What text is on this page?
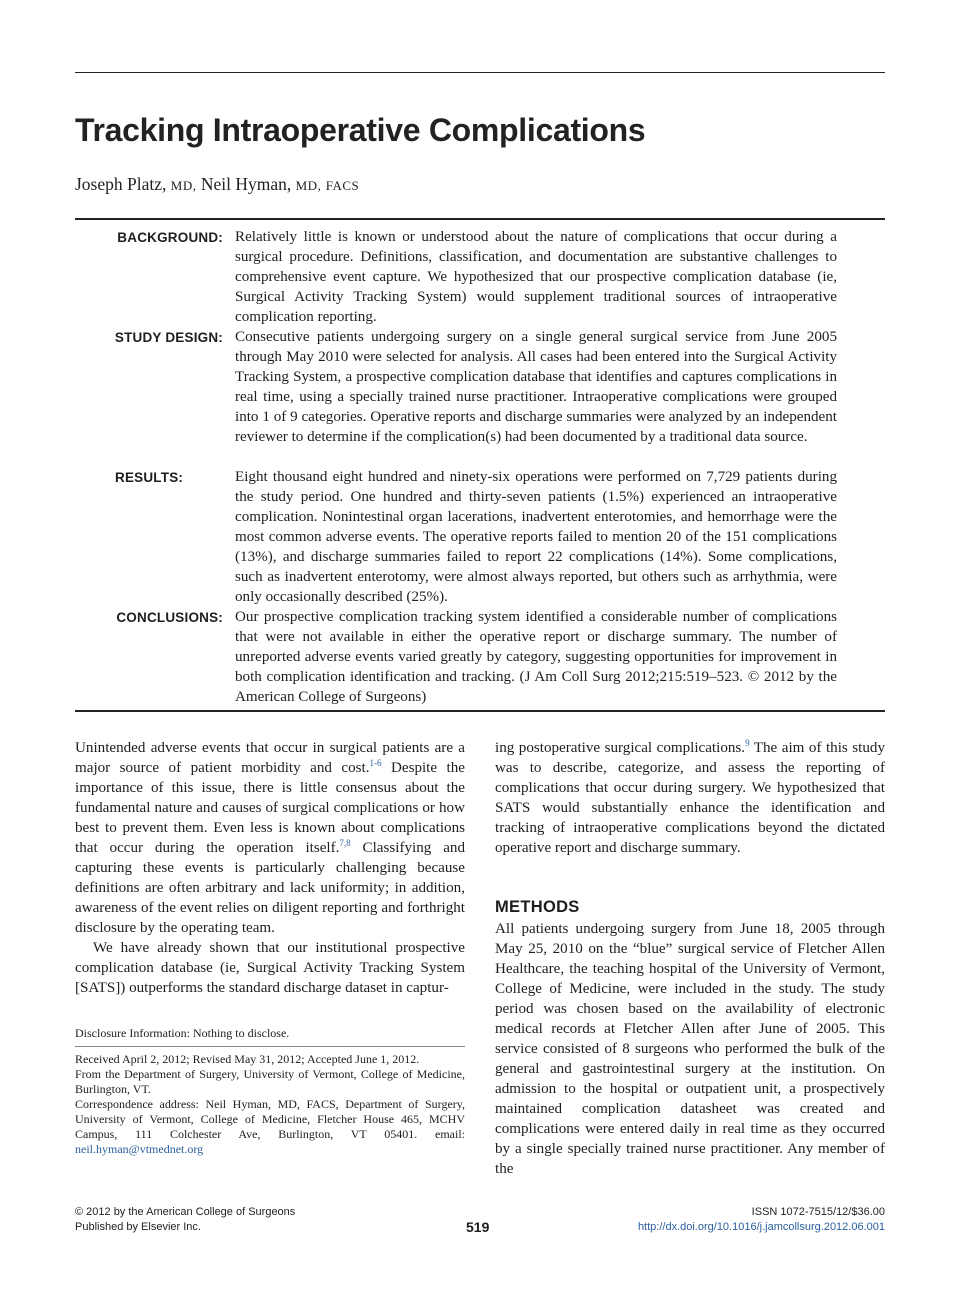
Tracking Intraoperative Complications
Joseph Platz, MD, Neil Hyman, MD, FACS
BACKGROUND: Relatively little is known or understood about the nature of complications that occur during a surgical procedure. Definitions, classification, and documentation are substantive challenges to comprehensive event capture. We hypothesized that our prospective complication database (ie, Surgical Activity Tracking System) would supplement traditional sources of intraoperative complication reporting.
STUDY DESIGN: Consecutive patients undergoing surgery on a single general surgical service from June 2005 through May 2010 were selected for analysis. All cases had been entered into the Surgical Activity Tracking System, a prospective complication database that identifies and captures complications in real time, using a specially trained nurse practitioner. Intraoperative complications were grouped into 1 of 9 categories. Operative reports and discharge summaries were analyzed by an independent reviewer to determine if the complication(s) had been documented by a traditional data source.
RESULTS:	Eight thousand eight hundred and ninety-six operations were performed on 7,729 patients during the study period. One hundred and thirty-seven patients (1.5%) experienced an intraoperative complication. Nonintestinal organ lacerations, inadvertent enterotomies, and hemorrhage were the most common adverse events. The operative reports failed to mention 20 of the 151 complications (13%), and discharge summaries failed to report 22 complications (14%). Some complications, such as inadvertent enterotomy, were almost always reported, but others such as arrhythmia, were only occasionally described (25%).
CONCLUSIONS: Our prospective complication tracking system identified a considerable number of complications that were not available in either the operative report or discharge summary. The number of unreported adverse events varied greatly by category, suggesting opportunities for improvement in both complication identification and tracking. (J Am Coll Surg 2012;215:519–523. © 2012 by the American College of Surgeons)

Unintended adverse events that occur in surgical patients are a major source of patient morbidity and cost.$^{1-6}$ Despite the importance of this issue, there is little consensus about the fundamental nature and causes of surgical complications or how best to prevent them. Even less is known about complications that occur during the operation itself.$^{7,8}$ Classifying and capturing these events is particularly challenging because definitions are often arbitrary and lack uniformity; in addition, awareness of the event relies on diligent reporting and forthright disclosure by the operating team.

We have already shown that our institutional prospective complication database (ie, Surgical Activity Tracking System [SATS]) outperforms the standard discharge dataset in captur-

Disclosure Information: Nothing to disclose.

Received April 2, 2012; Revised May 31, 2012; Accepted June 1, 2012.

From the Department of Surgery, University of Vermont, College of Medicine, Burlington, VT.

Correspondence address: Neil Hyman, MD, FACS, Department of Surgery, University of Vermont, College of Medicine, Fletcher House 465, MCHV Campus, 111 Colchester Ave, Burlington, VT 05401. email: neil.hyman@vtmednet.org

ing postoperative surgical complications.$^9$ The aim of this study was to describe, categorize, and assess the reporting of complications that occur during surgery. We hypothesized that SATS would substantially enhance the identification and tracking of intraoperative complications beyond the dictated operative report and discharge summary.

METHODS

All patients undergoing surgery from June 18, 2005 through May 25, 2010 on the “blue” surgical service of Fletcher Allen Healthcare, the teaching hospital of the University of Vermont, College of Medicine, were included in the study. The study period was chosen based on the availability of electronic medical records at Fletcher Allen after June of 2005. This service consisted of 8 surgeons who performed the bulk of the general and gastrointestinal surgery at the institution. On admission to the hospital or outpatient unit, a prospectively maintained complication datasheet was created and complications were entered daily in real time as they occurred by a single specially trained nurse practitioner. Any member of the

© 2012 by the American College of Surgeons
Published by Elsevier Inc.	519
ISSN 1072-7515/12/$36.00
http://dx.doi.org/10.1016/j.jamcollsurg.2012.06.001
